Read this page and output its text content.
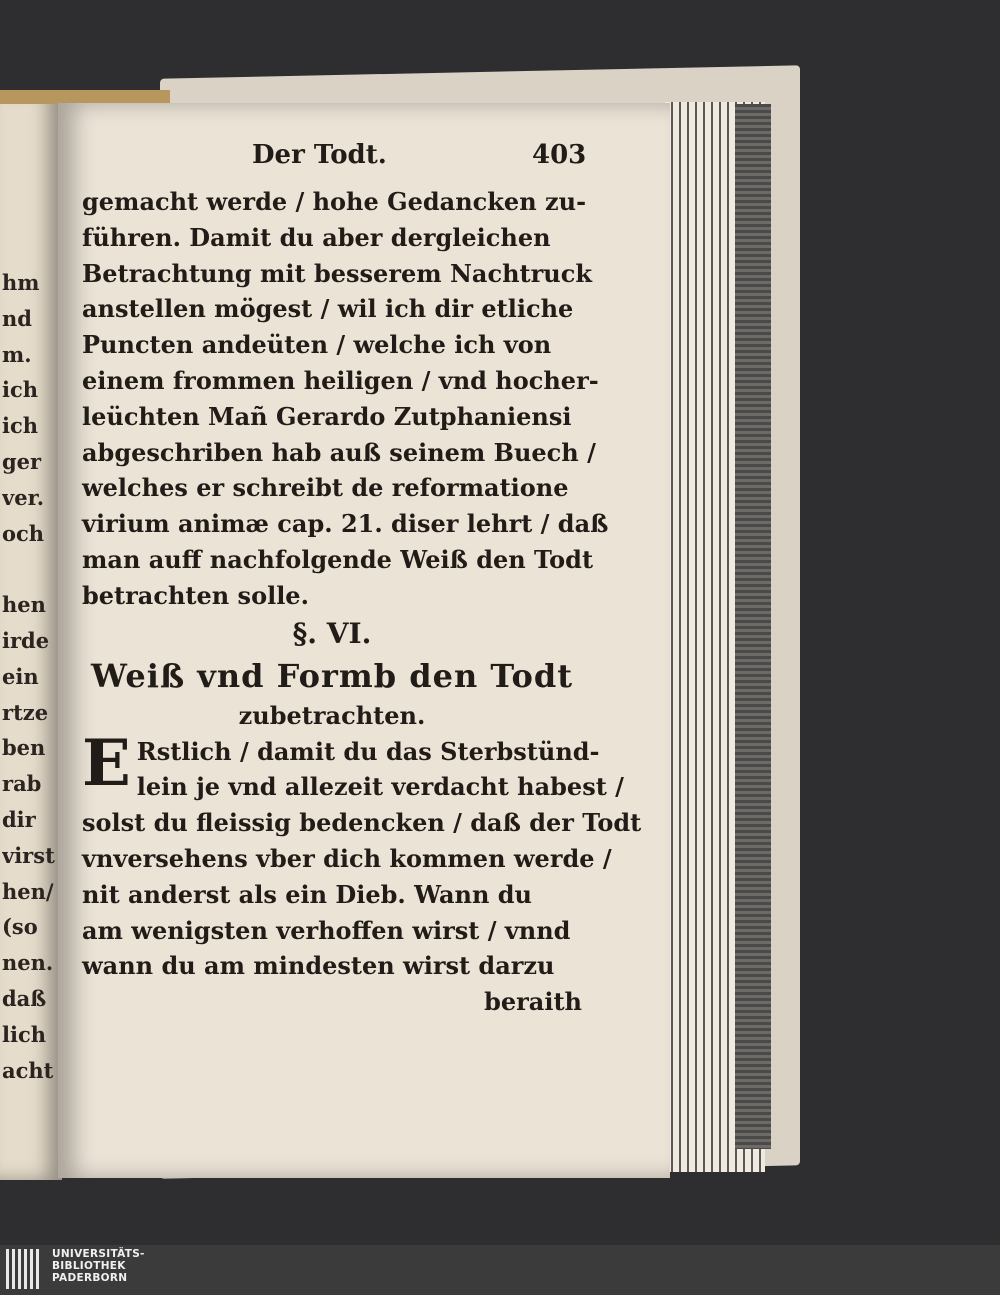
hm
nd
m.
ich
ich
ger
ver.
och
hen
irde
ein
rtze
ben
rab
dir
virst
hen/
(so
nen.
daß
lich
acht
Der Todt.	403
gemacht werde / hohe Gedancken zu-
führen. Damit du aber dergleichen
Betrachtung mit besserem Nachtruck
anstellen mögest / wil ich dir etliche
Puncten andeüten / welche ich von
einem frommen heiligen / vnd hocher-
leüchten Mañ Gerardo Zutphaniensi
abgeschriben hab auß seinem Buech /
welches er schreibt de reformatione
virium animæ cap. 21. diser lehrt / daß
man auff nachfolgende Weiß den Todt
betrachten solle.
§. VI.
Weiß vnd Formb den Todt
zubetrachten.
E Rstlich / damit du das Sterbstünd-
lein je vnd allezeit verdacht habest /
solst du fleissig bedencken / daß der Todt
vnversehens vber dich kommen werde /
nit anderst als ein Dieb. Wann du
am wenigsten verhoffen wirst / vnnd
wann du am mindesten wirst darzu
beraith
UNIVERSITÄTS-
BIBLIOTHEK
PADERBORN
